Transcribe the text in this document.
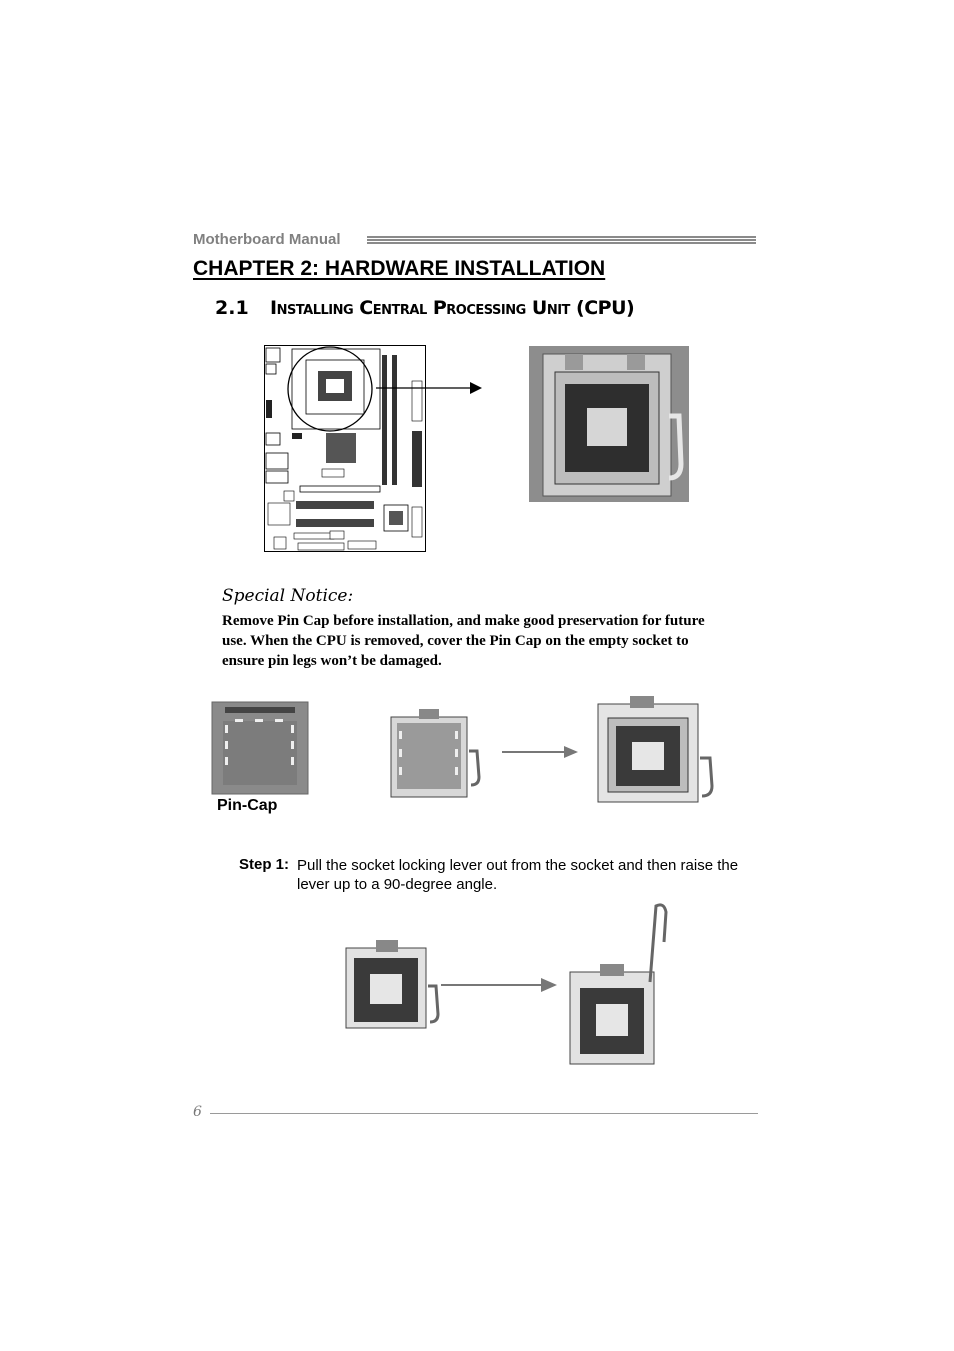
Motherboard Manual
CHAPTER 2: HARDWARE INSTALLATION
2.1 Installing Central Processing Unit (CPU)
Special Notice:
Remove Pin Cap before installation, and make good preservation for future use. When the CPU is removed, cover the Pin Cap on the empty socket to ensure pin legs won’t be damaged.
Pin-Cap
Step 1: Pull the socket locking lever out from the socket and then raise the lever up to a 90-degree angle.
6
